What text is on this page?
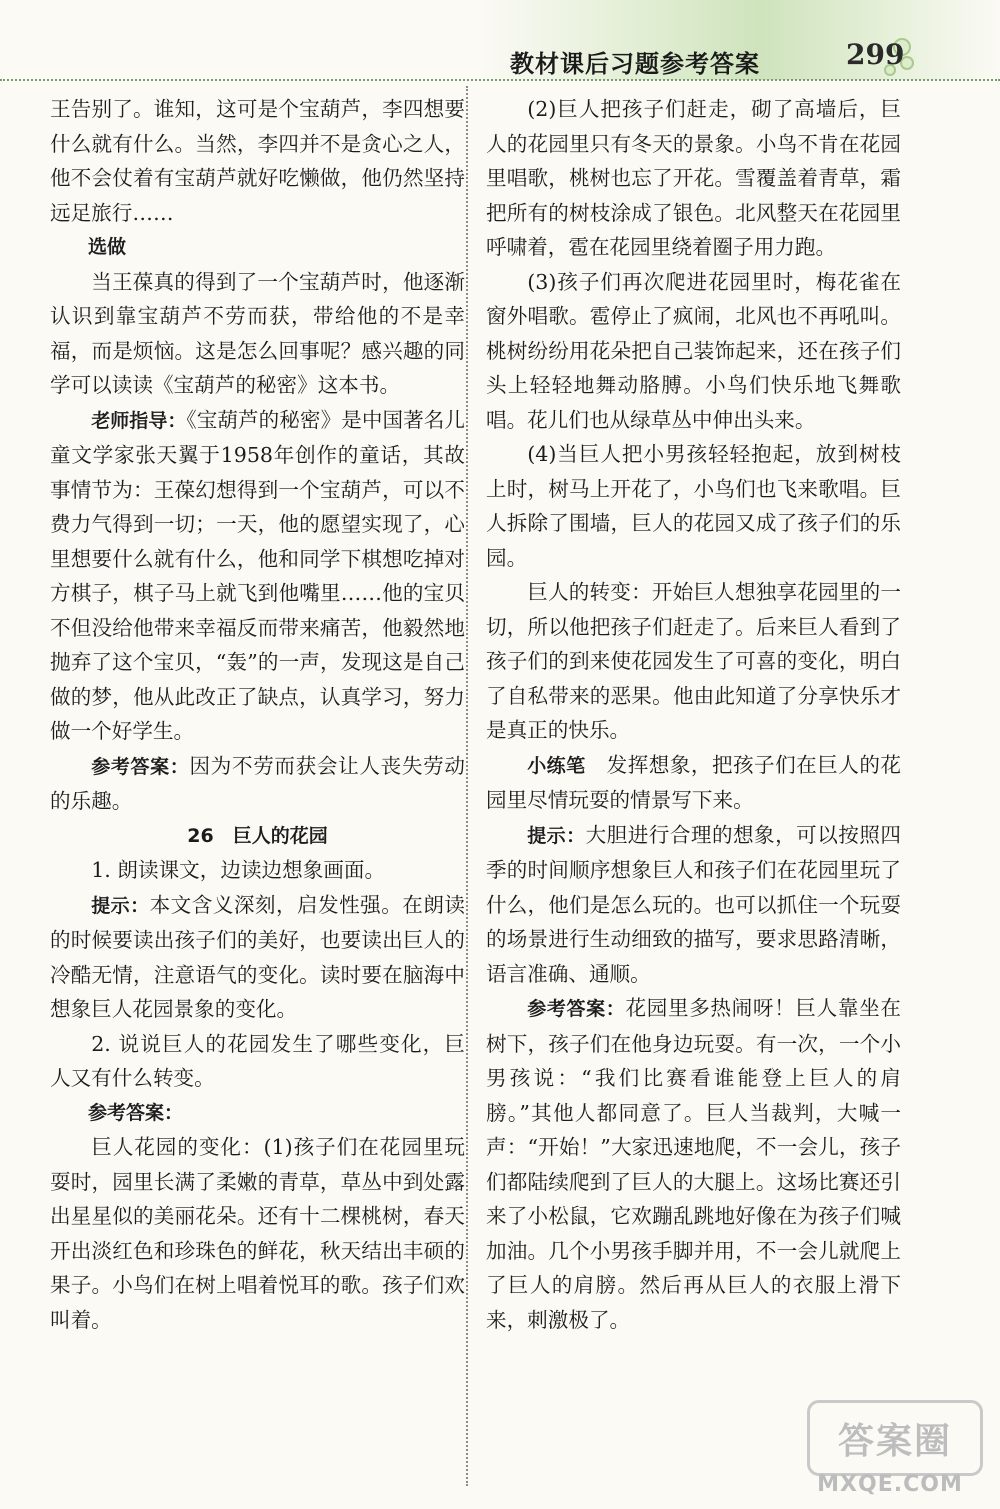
教材课后习题参考答案	299

王告别了。谁知，这可是个宝葫芦，李四想要什么就有什么。当然，李四并不是贪心之人，他不会仗着有宝葫芦就好吃懒做，他仍然坚持远足旅行……

选做

当王葆真的得到了一个宝葫芦时，他逐渐认识到靠宝葫芦不劳而获，带给他的不是幸福，而是烦恼。这是怎么回事呢？感兴趣的同学可以读读《宝葫芦的秘密》这本书。

老师指导：《宝葫芦的秘密》是中国著名儿童文学家张天翼于1958年创作的童话，其故事情节为：王葆幻想得到一个宝葫芦，可以不费力气得到一切；一天，他的愿望实现了，心里想要什么就有什么，他和同学下棋想吃掉对方棋子，棋子马上就飞到他嘴里……他的宝贝不但没给他带来幸福反而带来痛苦，他毅然地抛弃了这个宝贝，“轰”的一声，发现这是自己做的梦，他从此改正了缺点，认真学习，努力做一个好学生。

参考答案：因为不劳而获会让人丧失劳动的乐趣。

26　巨人的花园

1. 朗读课文，边读边想象画面。

提示：本文含义深刻，启发性强。在朗读的时候要读出孩子们的美好，也要读出巨人的冷酷无情，注意语气的变化。读时要在脑海中想象巨人花园景象的变化。

2. 说说巨人的花园发生了哪些变化，巨人又有什么转变。

参考答案：

巨人花园的变化：(1)孩子们在花园里玩耍时，园里长满了柔嫩的青草，草丛中到处露出星星似的美丽花朵。还有十二棵桃树，春天开出淡红色和珍珠色的鲜花，秋天结出丰硕的果子。小鸟们在树上唱着悦耳的歌。孩子们欢叫着。

(2)巨人把孩子们赶走，砌了高墙后，巨人的花园里只有冬天的景象。小鸟不肯在花园里唱歌，桃树也忘了开花。雪覆盖着青草，霜把所有的树枝涂成了银色。北风整天在花园里呼啸着，雹在花园里绕着圈子用力跑。

(3)孩子们再次爬进花园里时，梅花雀在窗外唱歌。雹停止了疯闹，北风也不再吼叫。桃树纷纷用花朵把自己装饰起来，还在孩子们头上轻轻地舞动胳膊。小鸟们快乐地飞舞歌唱。花儿们也从绿草丛中伸出头来。

(4)当巨人把小男孩轻轻抱起，放到树枝上时，树马上开花了，小鸟们也飞来歌唱。巨人拆除了围墙，巨人的花园又成了孩子们的乐园。

巨人的转变：开始巨人想独享花园里的一切，所以他把孩子们赶走了。后来巨人看到了孩子们的到来使花园发生了可喜的变化，明白了自私带来的恶果。他由此知道了分享快乐才是真正的快乐。

小练笔　发挥想象，把孩子们在巨人的花园里尽情玩耍的情景写下来。

提示：大胆进行合理的想象，可以按照四季的时间顺序想象巨人和孩子们在花园里玩了什么，他们是怎么玩的。也可以抓住一个玩耍的场景进行生动细致的描写，要求思路清晰，语言准确、通顺。

参考答案：花园里多热闹呀！巨人靠坐在树下，孩子们在他身边玩耍。有一次，一个小男孩说：“我们比赛看谁能登上巨人的肩膀。”其他人都同意了。巨人当裁判，大喊一声：“开始！”大家迅速地爬，不一会儿，孩子们都陆续爬到了巨人的大腿上。这场比赛还引来了小松鼠，它欢蹦乱跳地好像在为孩子们喊加油。几个小男孩手脚并用，不一会儿就爬上了巨人的肩膀。然后再从巨人的衣服上滑下来，刺激极了。

答案圈
MXQE.COM
